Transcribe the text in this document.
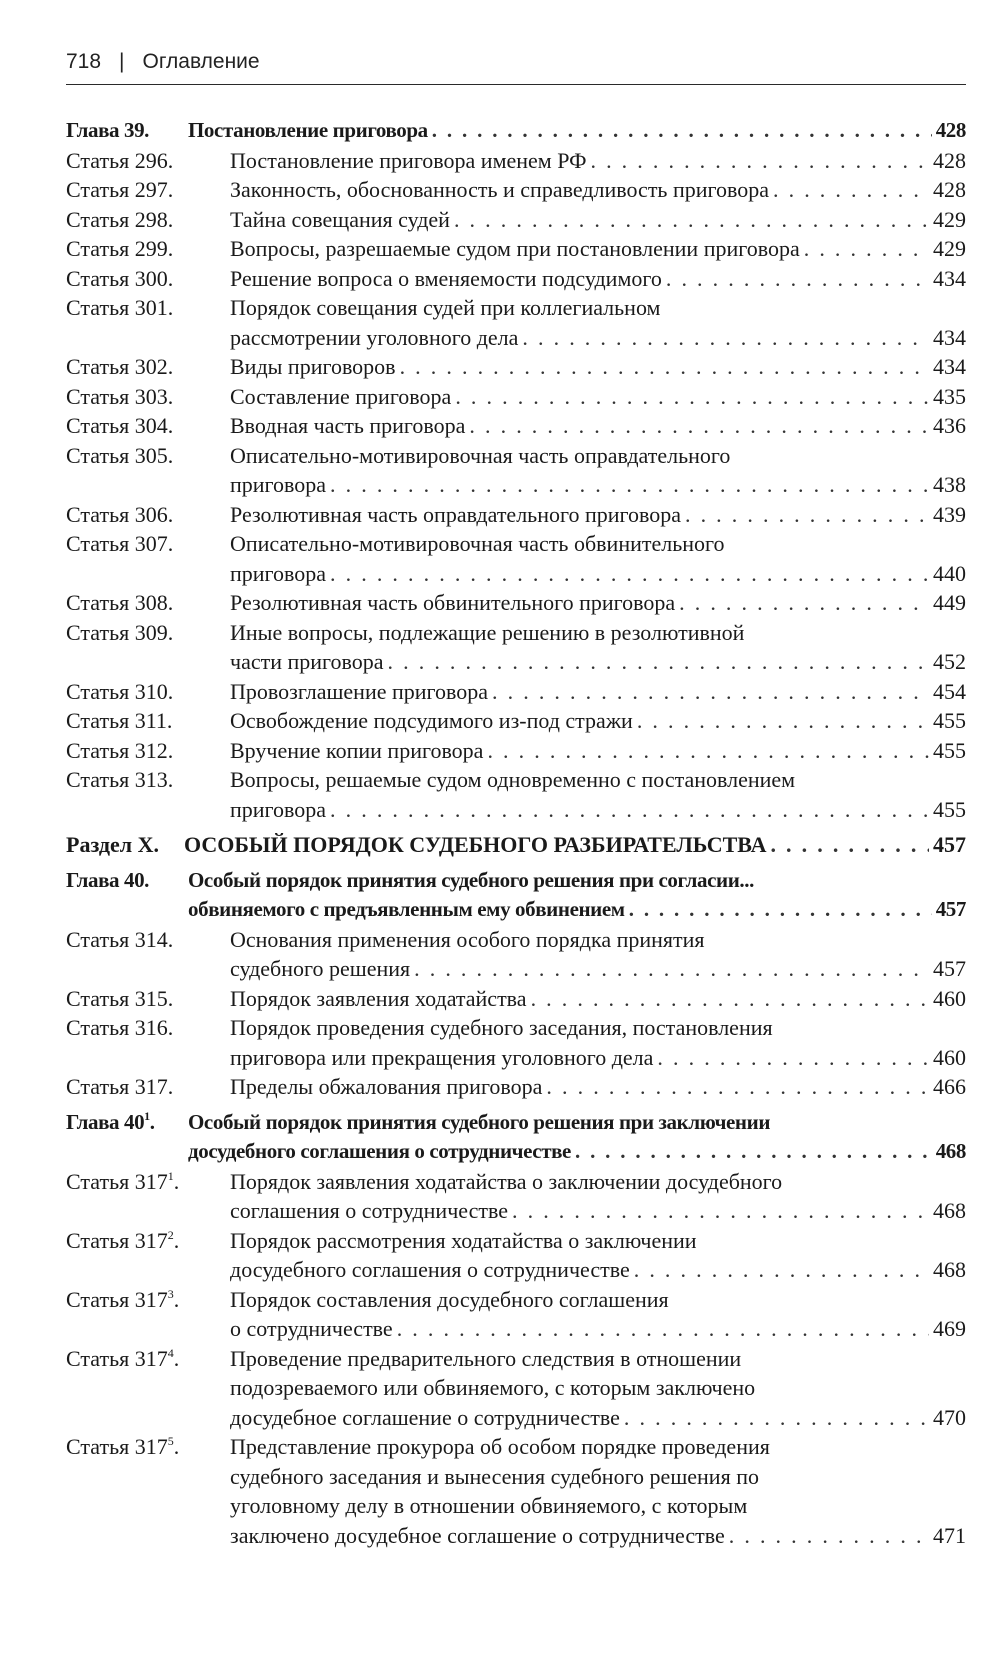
718 | Оглавление
Глава 39.	Постановление приговора . . .	428
Статья 296.	Постановление приговора именем РФ . . .	428
Статья 297.	Законность, обоснованность и справедливость приговора . . .	428
Статья 298.	Тайна совещания судей . . .	429
Статья 299.	Вопросы, разрешаемые судом при постановлении приговора . . .	429
Статья 300.	Решение вопроса о вменяемости подсудимого . . .	434
Статья 301.	Порядок совещания судей при коллегиальном
рассмотрении уголовного дела . . .	434
Статья 302.	Виды приговоров . . .	434
Статья 303.	Составление приговора . . .	435
Статья 304.	Вводная часть приговора . . .	436
Статья 305.	Описательно-мотивировочная часть оправдательного
приговора . . .	438
Статья 306.	Резолютивная часть оправдательного приговора . . .	439
Статья 307.	Описательно-мотивировочная часть обвинительного
приговора . . .	440
Статья 308.	Резолютивная часть обвинительного приговора . . .	449
Статья 309.	Иные вопросы, подлежащие решению в резолютивной
части приговора . . .	452
Статья 310.	Провозглашение приговора . . .	454
Статья 311.	Освобождение подсудимого из-под стражи . . .	455
Статья 312.	Вручение копии приговора . . .	455
Статья 313.	Вопросы, решаемые судом одновременно с постановлением
приговора . . .	455
Раздел X.	ОСОБЫЙ ПОРЯДОК СУДЕБНОГО РАЗБИРАТЕЛЬСТВА . . .	457
Глава 40.	Особый порядок принятия судебного решения при согласии...
обвиняемого с предъявленным ему обвинением . . .	457
Статья 314.	Основания применения особого порядка принятия
судебного решения . . .	457
Статья 315.	Порядок заявления ходатайства . . .	460
Статья 316.	Порядок проведения судебного заседания, постановления
приговора или прекращения уголовного дела . . .	460
Статья 317.	Пределы обжалования приговора . . .	466
Глава $40^1$.	Особый порядок принятия судебного решения при заключении
досудебного соглашения о сотрудничестве . . .	468
Статья $317^1$.	Порядок заявления ходатайства о заключении досудебного
соглашения о сотрудничестве . . .	468
Статья $317^2$.	Порядок рассмотрения ходатайства о заключении
досудебного соглашения о сотрудничестве . . .	468
Статья $317^3$.	Порядок составления досудебного соглашения
о сотрудничестве . . .	469
Статья $317^4$.	Проведение предварительного следствия в отношении
подозреваемого или обвиняемого, с которым заключено
досудебное соглашение о сотрудничестве . . .	470
Статья $317^5$.	Представление прокурора об особом порядке проведения
судебного заседания и вынесения судебного решения по
уголовному делу в отношении обвиняемого, с которым
заключено досудебное соглашение о сотрудничестве . . .	471
